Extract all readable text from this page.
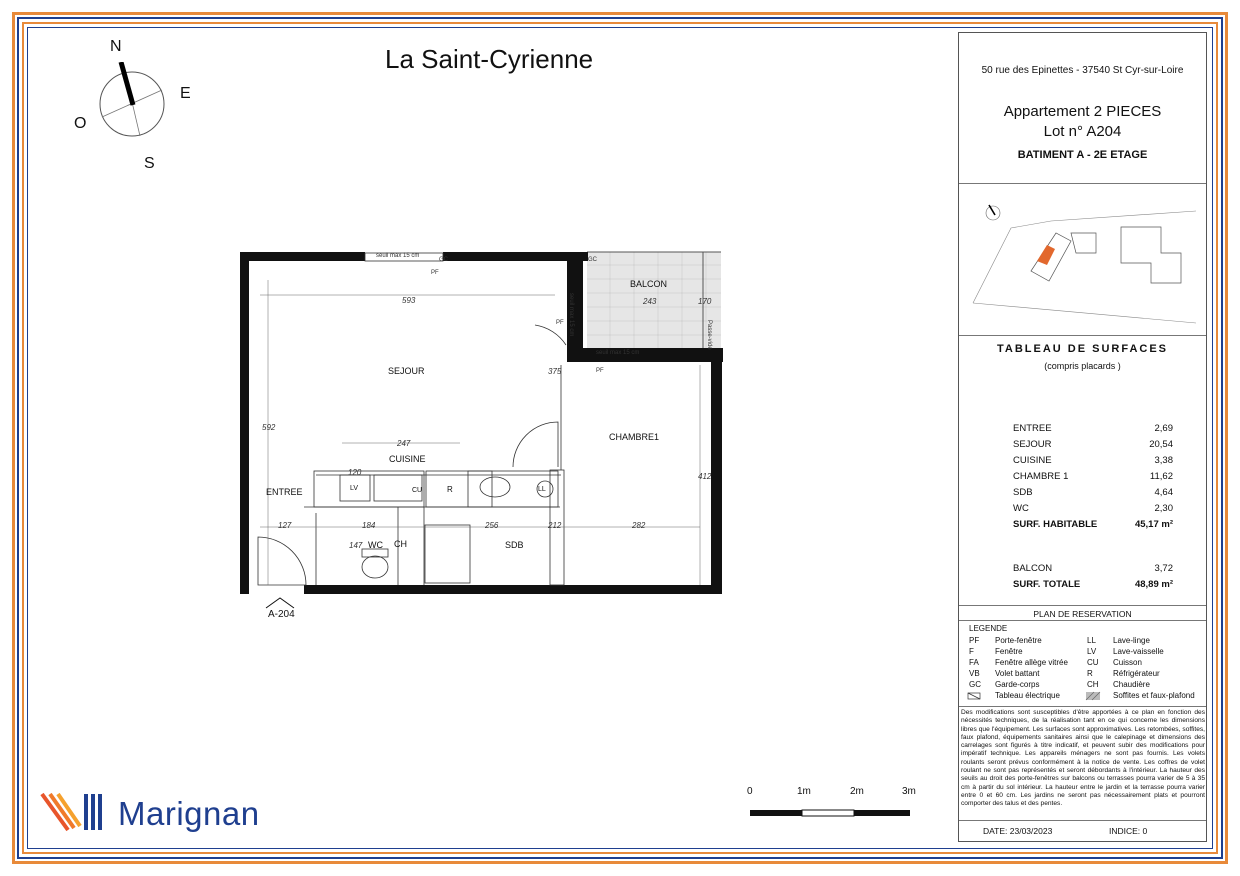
La Saint-Cyrienne
N
E
S
O
SEJOUR
BALCON
CHAMBRE1
CUISINE
ENTREE
WC CH	SDB
593	243	170
375
592
247
412
127	184	256	212	282
147
120
seuil max 15 cm
seuil max 15 cm
seuil max 15 cm
GC	GC
PF
PF
PF
Passe-vide
R
CU	LL
LV
A-204
0	1m	2m	3m
Marignan
50 rue des Epinettes - 37540 St Cyr-sur-Loire
Appartement 2 PIECES
Lot n° A204
BATIMENT A - 2E ETAGE
TABLEAU DE SURFACES
(compris placards )
ENTREE	2,69
SEJOUR	20,54
CUISINE	3,38
CHAMBRE 1	11,62
SDB	4,64
WC	2,30
SURF. HABITABLE	45,17 m²
BALCON	3,72
SURF. TOTALE	48,89 m²
PLAN DE RESERVATION
LEGENDE
PF Porte-fenêtre
F	Fenêtre
FA Fenêtre allège vitrée
VB Volet battant
GC Garde-corps
Tableau électrique
LL Lave-linge
LV Lave-vaisselle
CU Cuisson
R	Réfrigérateur
CH Chaudière
Soffites et faux-plafond
Des modifications sont susceptibles d'être apportées à ce plan en fonction des nécessités techniques, de la réalisation tant en ce qui concerne les dimensions libres que l'équipement. Les surfaces sont approximatives. Les retombées, soffites, faux plafond, équipements sanitaires ainsi que le calepinage et dimensions des carrelages sont figurés à titre indicatif, et peuvent subir des modifications pour impératif technique. Les appareils ménagers ne sont pas fournis. Les volets roulants seront prévus conformément à la notice de vente. Les coffres de volet roulant ne sont pas représentés et seront débordants à l'intérieur. La hauteur des seuils au droit des porte-fenêtres sur balcons ou terrasses pourra varier de 5 à 35 cm à partir du sol intérieur. La hauteur entre le jardin et la terrasse pourra varier entre 0 et 60 cm. Les jardins ne seront pas nécessairement plats et pourront comporter des talus et des pentes.
DATE: 23/03/2023	INDICE: 0
